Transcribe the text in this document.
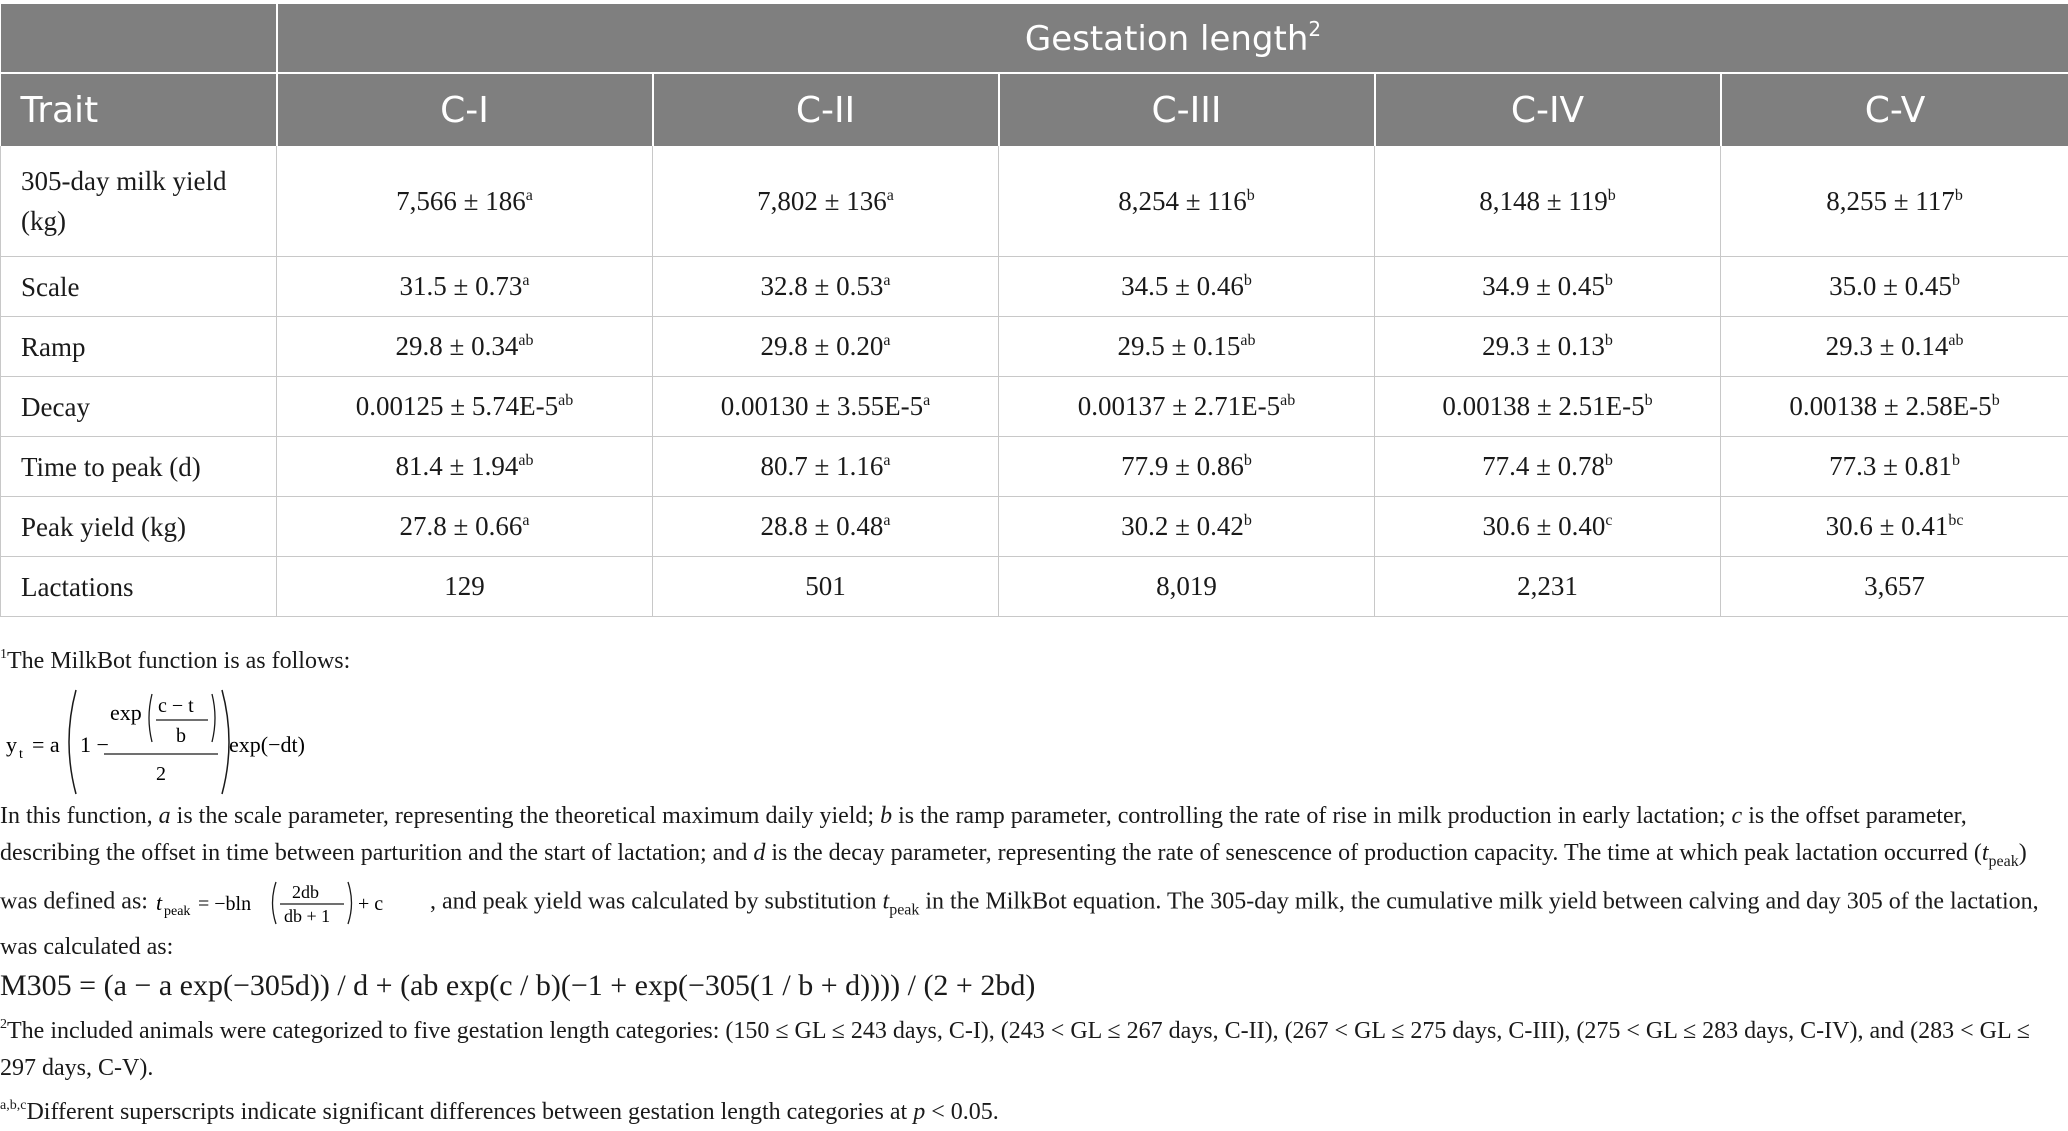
	Gestation length$^2$
Trait	C-I	C-II	C-III	C-IV	C-V
305-day milk yield (kg)	$7,566 \pm 186^a$	$7,802 \pm 136^a$	$8,254 \pm 116^b$	$8,148 \pm 119^b$	$8,255 \pm 117^b$
Scale	31.5 ± 0.73$^a$	32.8 ± 0.53$^a$	34.5 ± 0.46$^b$	34.9 ± 0.45$^b$	35.0 ± 0.45$^b$
Ramp	29.8 ± 0.34$^{ab}$	29.8 ± 0.20$^a$	29.5 ± 0.15$^{ab}$	29.3 ± 0.13$^b$	29.3 ± 0.14$^{ab}$
Decay	$0.00125 \pm 5.74E-5^{ab}$	$0.00130 \pm 3.55E-5^a$	$0.00137 \pm 2.71E-5^{ab}$	$0.00138 \pm 2.51E-5^b$	$0.00138 \pm 2.58E-5^b$
Time to peak (d)	81.4 ± 1.94$^{ab}$	80.7 ± 1.16$^a$	77.9 ± 0.86$^b$	77.4 ± 0.78$^b$	77.3 ± 0.81$^b$
Peak yield (kg)	27.8 ± 0.66$^a$	28.8 ± 0.48$^a$	30.2 ± 0.42$^b$	30.6 ± 0.40$^c$	30.6 ± 0.41$^{bc}$
Lactations	129	501	8,019	2,231	3,657

$^1$The MilkBot function is as follows:

y t = a 1 −
exp c − t
b
2
exp(−dt)

In this function, a is the scale parameter, representing the theoretical maximum daily yield; b is the ramp parameter, controlling the rate of rise in milk production in early lactation; c is the offset parameter, describing the offset in time between parturition and the start of lactation; and d is the decay parameter, representing the rate of senescence of production capacity. The time at which peak lactation occurred $(t_{peak})$ was defined as: t peak = −bln
2db
db + 1
+ c , and peak yield was calculated by substitution $t_{peak}$ in the MilkBot equation. The 305-day milk, the cumulative milk yield between calving and day 305 of the lactation, was calculated as:

M305 = (a − a exp(−305d)) / d + (ab exp(c / b)(−1 + exp(−305(1 / b + d)))) / (2 + 2bd)

$^2$The included animals were categorized to five gestation length categories: (150 ≤ GL ≤ 243 days, C-I), (243 < GL ≤ 267 days, C-II), (267 < GL ≤ 275 days, C-III), (275 < GL ≤ 283 days, C-IV), and (283 < GL ≤ 297 days, C-V).

$^{a,b,c}$Different superscripts indicate significant differences between gestation length categories at p < 0.05.
